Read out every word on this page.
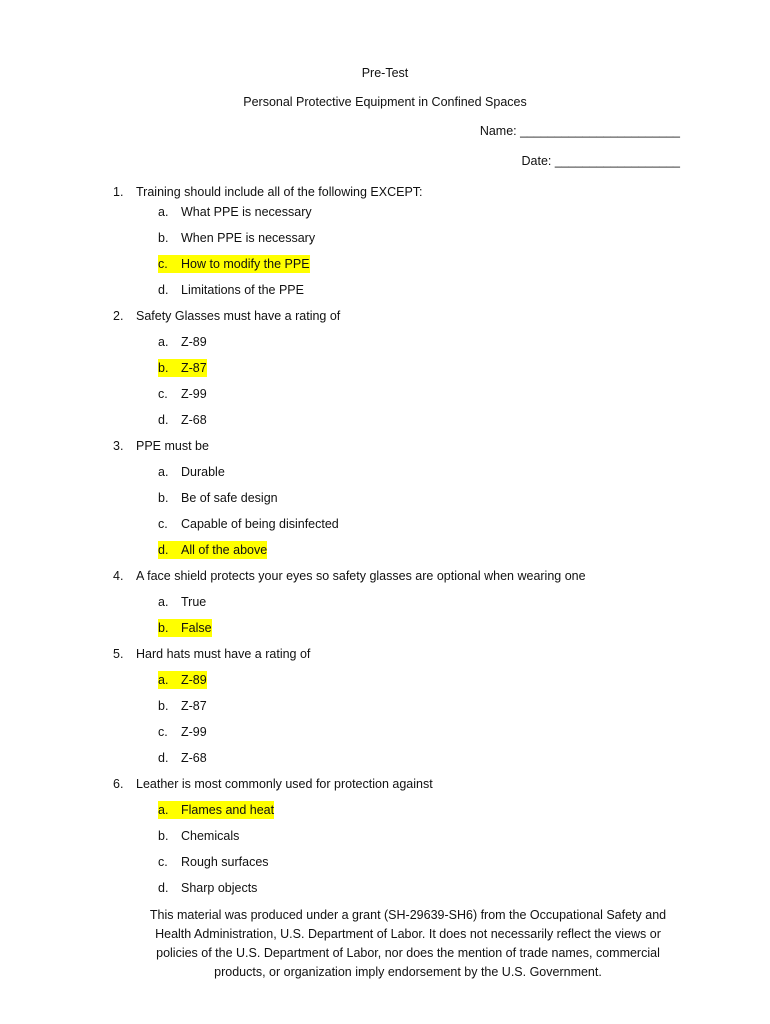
Pre-Test
Personal Protective Equipment in Confined Spaces
Name: _______________________
Date: __________________
1. Training should include all of the following EXCEPT:
a. What PPE is necessary
b. When PPE is necessary
c. How to modify the PPE
d. Limitations of the PPE
2. Safety Glasses must have a rating of
a. Z-89
b. Z-87
c. Z-99
d. Z-68
3. PPE must be
a. Durable
b. Be of safe design
c. Capable of being disinfected
d. All of the above
4. A face shield protects your eyes so safety glasses are optional when wearing one
a. True
b. False
5. Hard hats must have a rating of
a. Z-89
b. Z-87
c. Z-99
d. Z-68
6. Leather is most commonly used for protection against
a. Flames and heat
b. Chemicals
c. Rough surfaces
d. Sharp objects
This material was produced under a grant (SH-29639-SH6) from the Occupational Safety and
Health Administration, U.S. Department of Labor. It does not necessarily reflect the views or
policies of the U.S. Department of Labor, nor does the mention of trade names, commercial
products, or organization imply endorsement by the U.S. Government.
